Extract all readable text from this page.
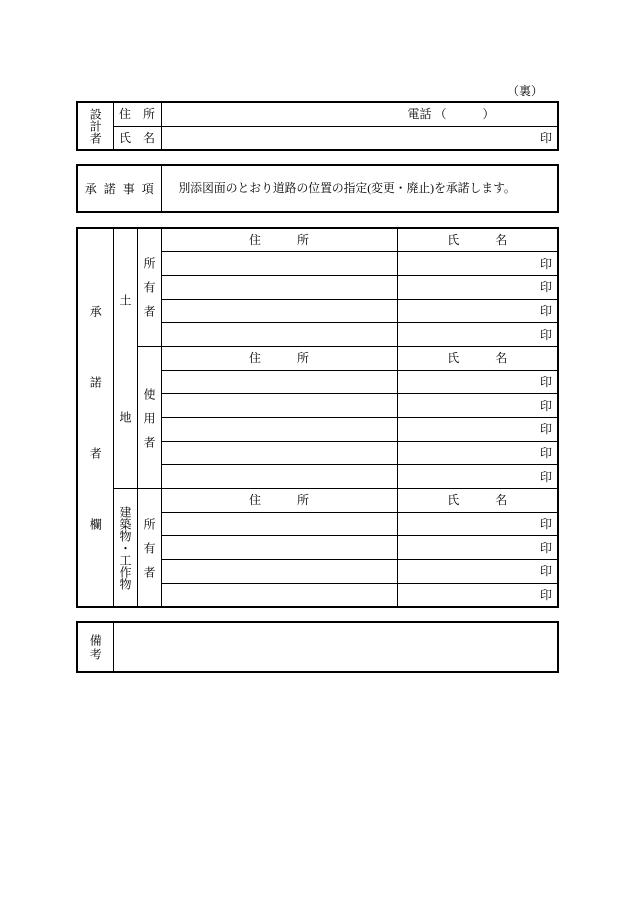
（裏）
設計者	住　所	電話 （　　　）
	氏　名	印
承 諾 事 項	別添図面のとおり道路の位置の指定(変更・廃止)を承諾します。
承諾者欄	土地	所有者	住　　　所	氏　　　名
				印
				印
				印
				印
		使用者	住　　　所	氏　　　名
				印
				印
				印
				印
				印
	建築物・工作物	所有者	住　　　所	氏　　　名
				印
				印
				印
				印
備考	
